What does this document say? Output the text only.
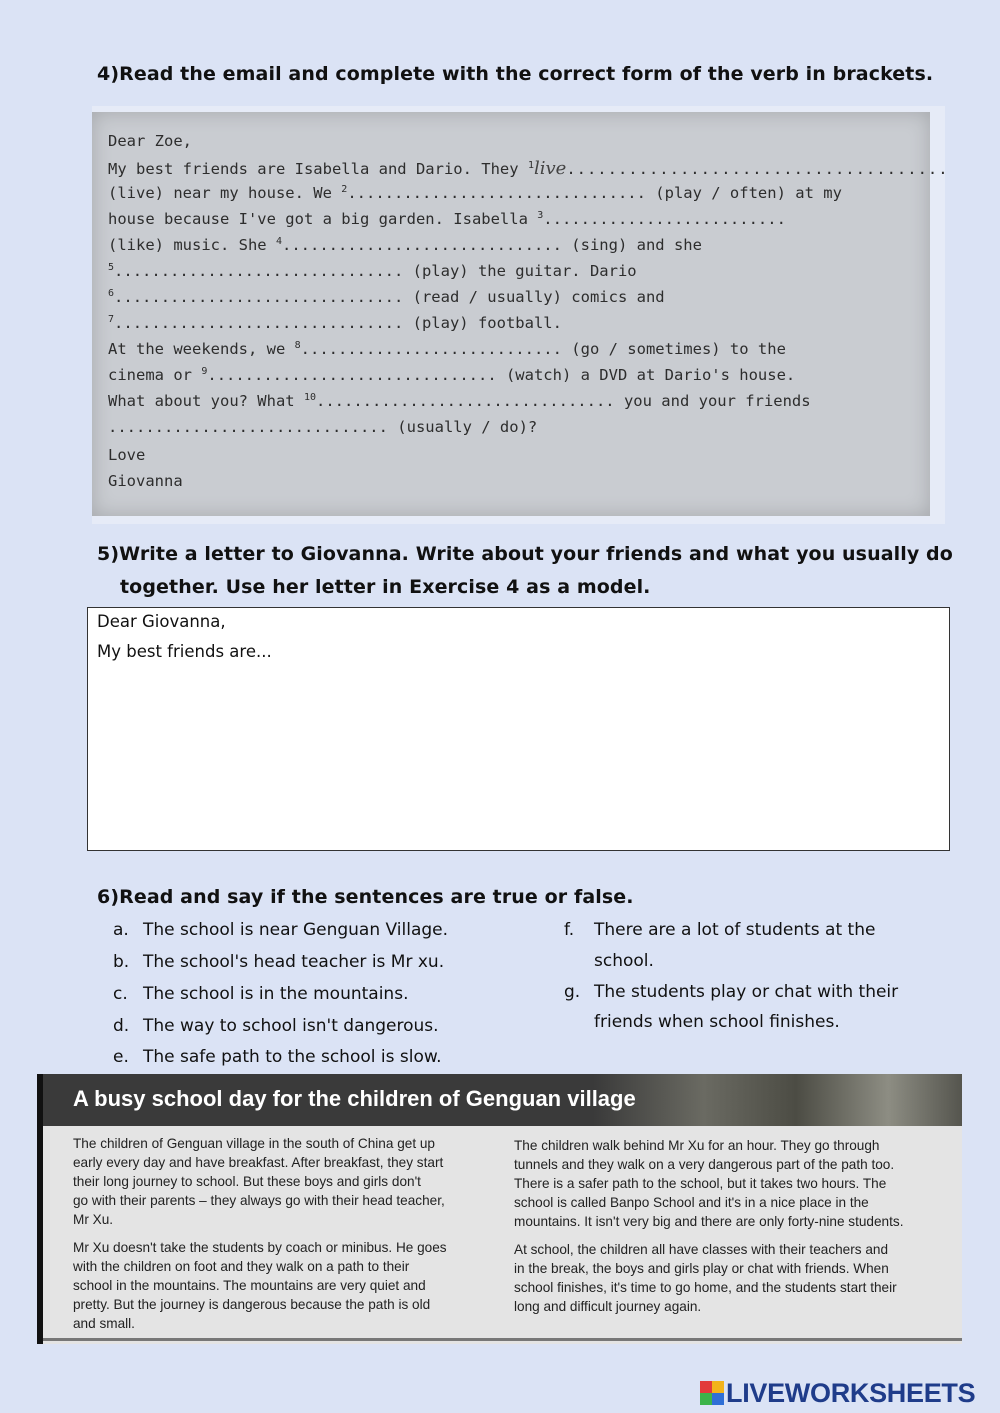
4)Read the email and complete with the correct form of the verb in brackets.
Dear Zoe,
My best friends are Isabella and Dario. They $^1$live.....................................
(live) near my house. We $^2$................................ (play / often) at my
house because I've got a big garden. Isabella $^3$..........................
(like) music. She $^4$.............................. (sing) and she
$^5$............................... (play) the guitar. Dario
$^6$............................... (read / usually) comics and
$^7$............................... (play) football.
At the weekends, we $^8$............................ (go / sometimes) to the
cinema or $^9$............................... (watch) a DVD at Dario's house.
What about you? What $^{10}$................................ you and your friends
.............................. (usually / do)?
Love
Giovanna
5)Write a letter to Giovanna. Write about your friends and what you usually do
together. Use her letter in Exercise 4 as a model.
Dear Giovanna,
My best friends are...
6)Read and say if the sentences are true or false.
a. The school is near Genguan Village.
b. The school's head teacher is Mr xu.
c. The school is in the mountains.
d. The way to school isn't dangerous.
e. The safe path to the school is slow.
f. There are a lot of students at the
school.
g. The students play or chat with their
friends when school finishes.
A busy school day for the children of Genguan village
The children of Genguan village in the south of China get up
early every day and have breakfast. After breakfast, they start
their long journey to school. But these boys and girls don't
go with their parents – they always go with their head teacher,
Mr Xu.
Mr Xu doesn't take the students by coach or minibus. He goes
with the children on foot and they walk on a path to their
school in the mountains. The mountains are very quiet and
pretty. But the journey is dangerous because the path is old
and small.
The children walk behind Mr Xu for an hour. They go through
tunnels and they walk on a very dangerous part of the path too.
There is a safer path to the school, but it takes two hours. The
school is called Banpo School and it's in a nice place in the
mountains. It isn't very big and there are only forty-nine students.
At school, the children all have classes with their teachers and
in the break, the boys and girls play or chat with friends. When
school finishes, it's time to go home, and the students start their
long and difficult journey again.
LIVEWORKSHEETS
